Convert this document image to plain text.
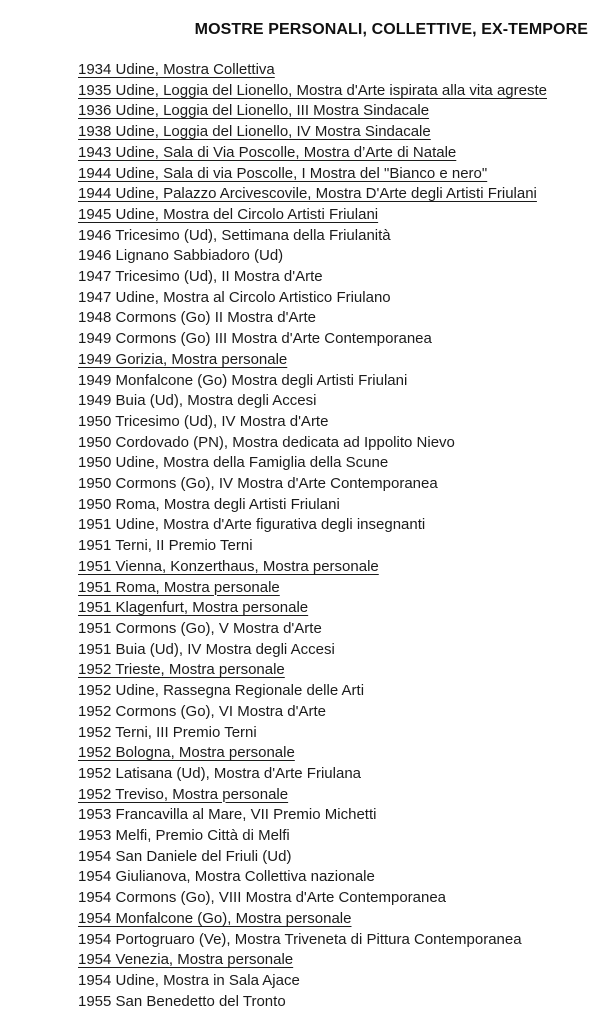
MOSTRE PERSONALI, COLLETTIVE, EX-TEMPORE
1934 Udine, Mostra Collettiva
1935 Udine, Loggia del Lionello, Mostra d'Arte ispirata alla vita agreste
1936 Udine, Loggia del Lionello, III Mostra Sindacale
1938 Udine, Loggia del Lionello, IV Mostra Sindacale
1943 Udine, Sala di Via Poscolle, Mostra d’Arte di Natale
1944 Udine, Sala di via Poscolle, I Mostra del "Bianco e nero"
1944 Udine, Palazzo Arcivescovile, Mostra D'Arte degli Artisti Friulani
1945 Udine, Mostra del Circolo Artisti Friulani
1946 Tricesimo (Ud), Settimana della Friulanità
1946 Lignano Sabbiadoro (Ud)
1947 Tricesimo (Ud), II Mostra d'Arte
1947 Udine, Mostra al Circolo Artistico Friulano
1948 Cormons (Go) II Mostra d'Arte
1949 Cormons (Go) III Mostra d'Arte Contemporanea
1949 Gorizia, Mostra personale
1949 Monfalcone (Go) Mostra degli Artisti Friulani
1949 Buia (Ud), Mostra degli Accesi
1950 Tricesimo (Ud), IV Mostra d'Arte
1950 Cordovado (PN), Mostra dedicata ad Ippolito Nievo
1950 Udine, Mostra della Famiglia della Scune
1950 Cormons (Go), IV Mostra d'Arte Contemporanea
1950 Roma, Mostra degli Artisti Friulani
1951 Udine, Mostra d'Arte figurativa degli insegnanti
1951 Terni, II Premio Terni
1951 Vienna, Konzerthaus, Mostra personale
1951 Roma, Mostra personale
1951 Klagenfurt, Mostra personale
1951 Cormons (Go), V Mostra d'Arte
1951 Buia (Ud), IV Mostra degli Accesi
1952 Trieste, Mostra personale
1952 Udine, Rassegna Regionale delle Arti
1952 Cormons (Go), VI Mostra d'Arte
1952 Terni, III Premio Terni
1952 Bologna, Mostra personale
1952 Latisana (Ud), Mostra d'Arte Friulana
1952 Treviso, Mostra personale
1953 Francavilla al Mare, VII Premio Michetti
1953 Melfi, Premio Città di Melfi
1954 San Daniele del Friuli (Ud)
1954 Giulianova, Mostra Collettiva nazionale
1954 Cormons (Go), VIII Mostra d'Arte Contemporanea
1954 Monfalcone (Go), Mostra personale
1954 Portogruaro (Ve), Mostra Triveneta di Pittura Contemporanea
1954 Venezia, Mostra personale
1954 Udine, Mostra in Sala Ajace
1955 San Benedetto del Tronto
